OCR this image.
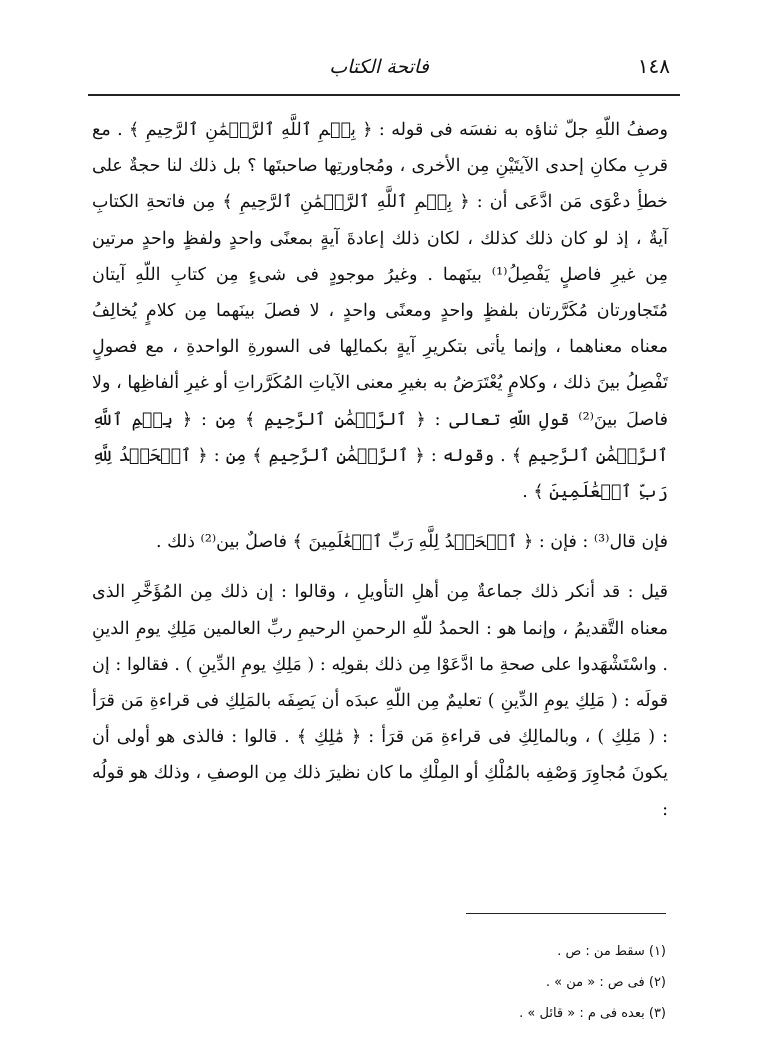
١٤٨
فاتحة الكتاب

وصفُ اللّهِ جلّ ثناؤه به نفسَه فى قوله : ﴿ بِسۡمِ ٱللَّهِ ٱلرَّحۡمَٰنِ ٱلرَّحِيمِ ﴾ . مع قربِ مكانِ إحدى الآيتَيْنِ مِن الأخرى ، ومُجاورتِها صاحبتَها ؟ بل ذلك لنا حجةٌ على خطأِ دعْوَى مَن ادَّعَى أن : ﴿ بِسۡمِ ٱللَّهِ ٱلرَّحۡمَٰنِ ٱلرَّحِيمِ ﴾ مِن فاتحةِ الكتابِ آيةٌ ، إذ لو كان ذلك كذلك ، لكان ذلك إعادةَ آيةٍ بمعنًى واحدٍ ولفظٍ واحدٍ مرتين مِن غيرِ فاصلٍ يَفْصِلُ⁽¹⁾ بينَهما . وغيرُ موجودٍ فى شىءٍ مِن كتابِ اللّهِ آيتان مُتَجاورتان مُكَرَّرتان بلفظٍ واحدٍ ومعنًى واحدٍ ، لا فصلَ بينَهما مِن كلامٍ يُخالِفُ معناه معناهما ، وإنما يأتى بتكريرِ آيةٍ بكمالِها فى السورةِ الواحدةِ ، مع فصولٍ تَفْصِلُ بينَ ذلك ، وكلامٍ يُعْتَرَضُ به بغيرِ معنى الآياتِ المُكَرَّراتِ أو غيرِ ألفاظِها ، ولا فاصلَ بينَ⁽²⁾ قولِ اللّهِ تعالى : ﴿ ٱلرَّحۡمَٰنِ ٱلرَّحِيمِ ﴾ مِن : ﴿ بِسۡمِ ٱللَّهِ ٱلرَّحۡمَٰنِ ٱلرَّحِيمِ ﴾ . وقوله : ﴿ ٱلرَّحۡمَٰنِ ٱلرَّحِيمِ ﴾ مِن : ﴿ ٱلۡحَمۡدُ لِلَّهِ رَبِّ ٱلۡعَٰلَمِينَ ﴾ .

فإن قال⁽³⁾ : فإن : ﴿ ٱلۡحَمۡدُ لِلَّهِ رَبِّ ٱلۡعَٰلَمِينَ ﴾ فاصلٌ بين⁽²⁾ ذلك .

قيل : قد أنكر ذلك جماعةٌ مِن أهلِ التأويلِ ، وقالوا : إن ذلك مِن المُؤَخَّرِ الذى معناه التَّقديمُ ، وإنما هو : الحمدُ للّهِ الرحمنِ الرحيمِ ربِّ العالمين مَلِكِ يومِ الدينِ . واسْتَشْهَدوا على صحةِ ما ادَّعَوْا مِن ذلك بقولِه : ( مَلِكِ يومِ الدِّينِ ) . فقالوا : إن قولَه : ( مَلِكِ يومِ الدِّينِ ) تعليمٌ مِن اللّهِ عبدَه أن يَصِفَه بالمَلِكِ فى قراءةِ مَن قرَأ : ( مَلِكِ ) ، وبالمالِكِ فى قراءةِ مَن قرَأ : ﴿ مَٰلِكِ ﴾ . قالوا : فالذى هو أولى أن يكونَ مُجاوِرَ وَصْفِه بالمُلْكِ أو المِلْكِ ما كان نظيرَ ذلك مِن الوصفِ ، وذلك هو قولُه :

(١) سقط من : ص .
(٢) فى ص : « من » .
(٣) بعده فى م : « قائل » .
